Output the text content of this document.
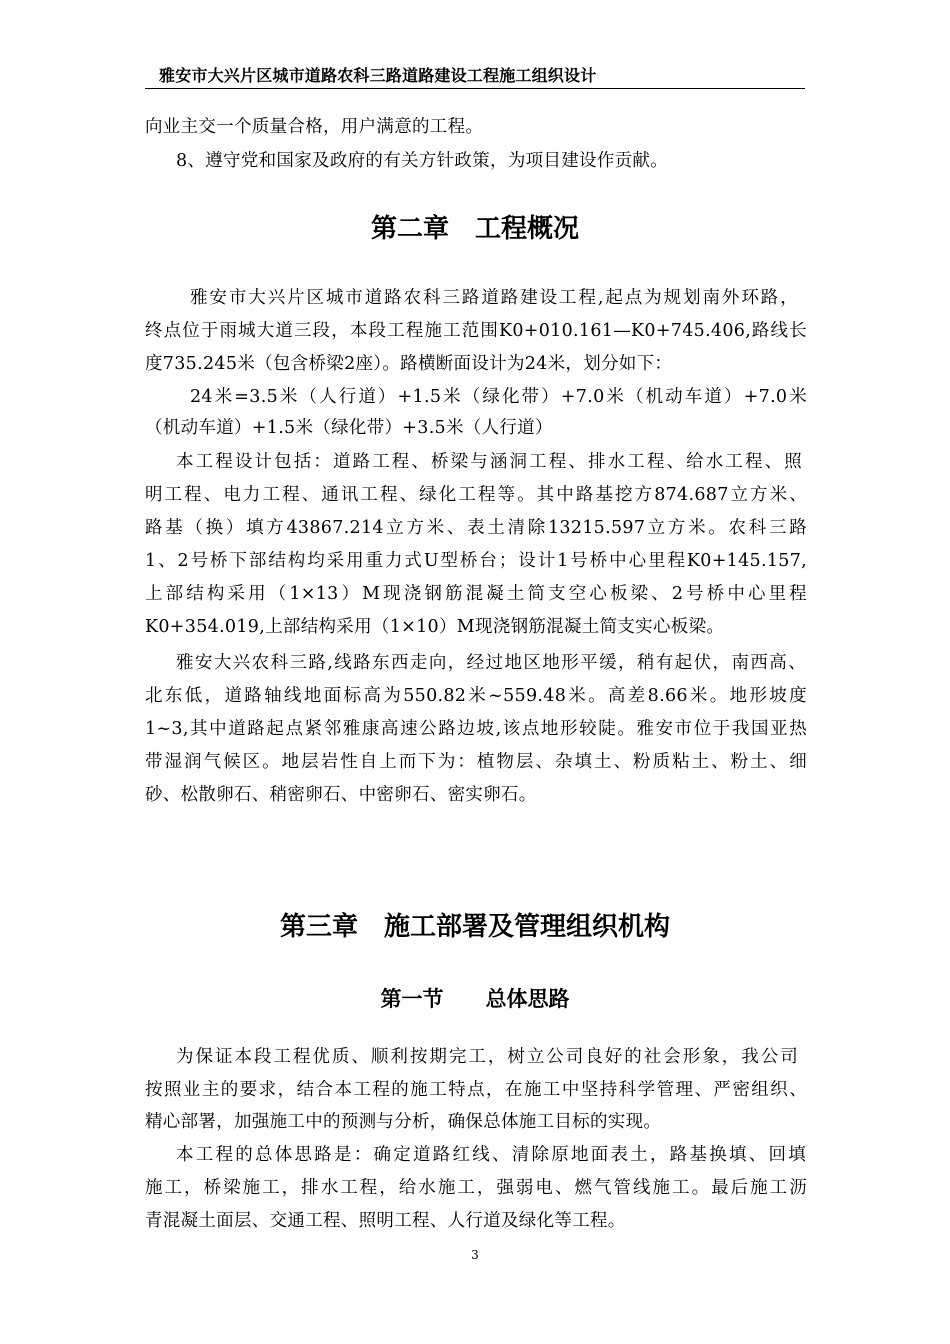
雅安市大兴片区城市道路农科三路道路建设工程施工组织设计
向业主交一个质量合格，用户满意的工程。
8、遵守党和国家及政府的有关方针政策，为项目建设作贡献。
第二章　工程概况
雅安市大兴片区城市道路农科三路道路建设工程,起点为规划南外环路，
终点位于雨城大道三段，本段工程施工范围K0+010.161—K0+745.406,路线长
度735.245米（包含桥梁2座）。路横断面设计为24米，划分如下：
24米=3.5米（人行道）+1.5米（绿化带）+7.0米（机动车道）+7.0米
（机动车道）+1.5米（绿化带）+3.5米（人行道）
本工程设计包括：道路工程、桥梁与涵洞工程、排水工程、给水工程、照
明工程、电力工程、通讯工程、绿化工程等。其中路基挖方874.687立方米、
路基（换）填方43867.214立方米、表土清除13215.597立方米。农科三路
1、2号桥下部结构均采用重力式U型桥台；设计1号桥中心里程K0+145.157,
上部结构采用（1×13）M现浇钢筋混凝土简支空心板梁、2号桥中心里程
K0+354.019,上部结构采用（1×10）M现浇钢筋混凝土简支实心板梁。
雅安大兴农科三路,线路东西走向，经过地区地形平缓，稍有起伏，南西高、
北东低，道路轴线地面标高为550.82米~559.48米。高差8.66米。地形坡度
1~3,其中道路起点紧邻雅康高速公路边坡,该点地形较陡。雅安市位于我国亚热
带湿润气候区。地层岩性自上而下为：植物层、杂填土、粉质粘土、粉土、细
砂、松散卵石、稍密卵石、中密卵石、密实卵石。
第三章　施工部署及管理组织机构
第一节　　总体思路
为保证本段工程优质、顺利按期完工，树立公司良好的社会形象，我公司
按照业主的要求，结合本工程的施工特点，在施工中坚持科学管理、严密组织、
精心部署，加强施工中的预测与分析，确保总体施工目标的实现。
本工程的总体思路是：确定道路红线、清除原地面表土，路基换填、回填
施工，桥梁施工，排水工程，给水施工，强弱电、燃气管线施工。最后施工沥
青混凝土面层、交通工程、照明工程、人行道及绿化等工程。
3
